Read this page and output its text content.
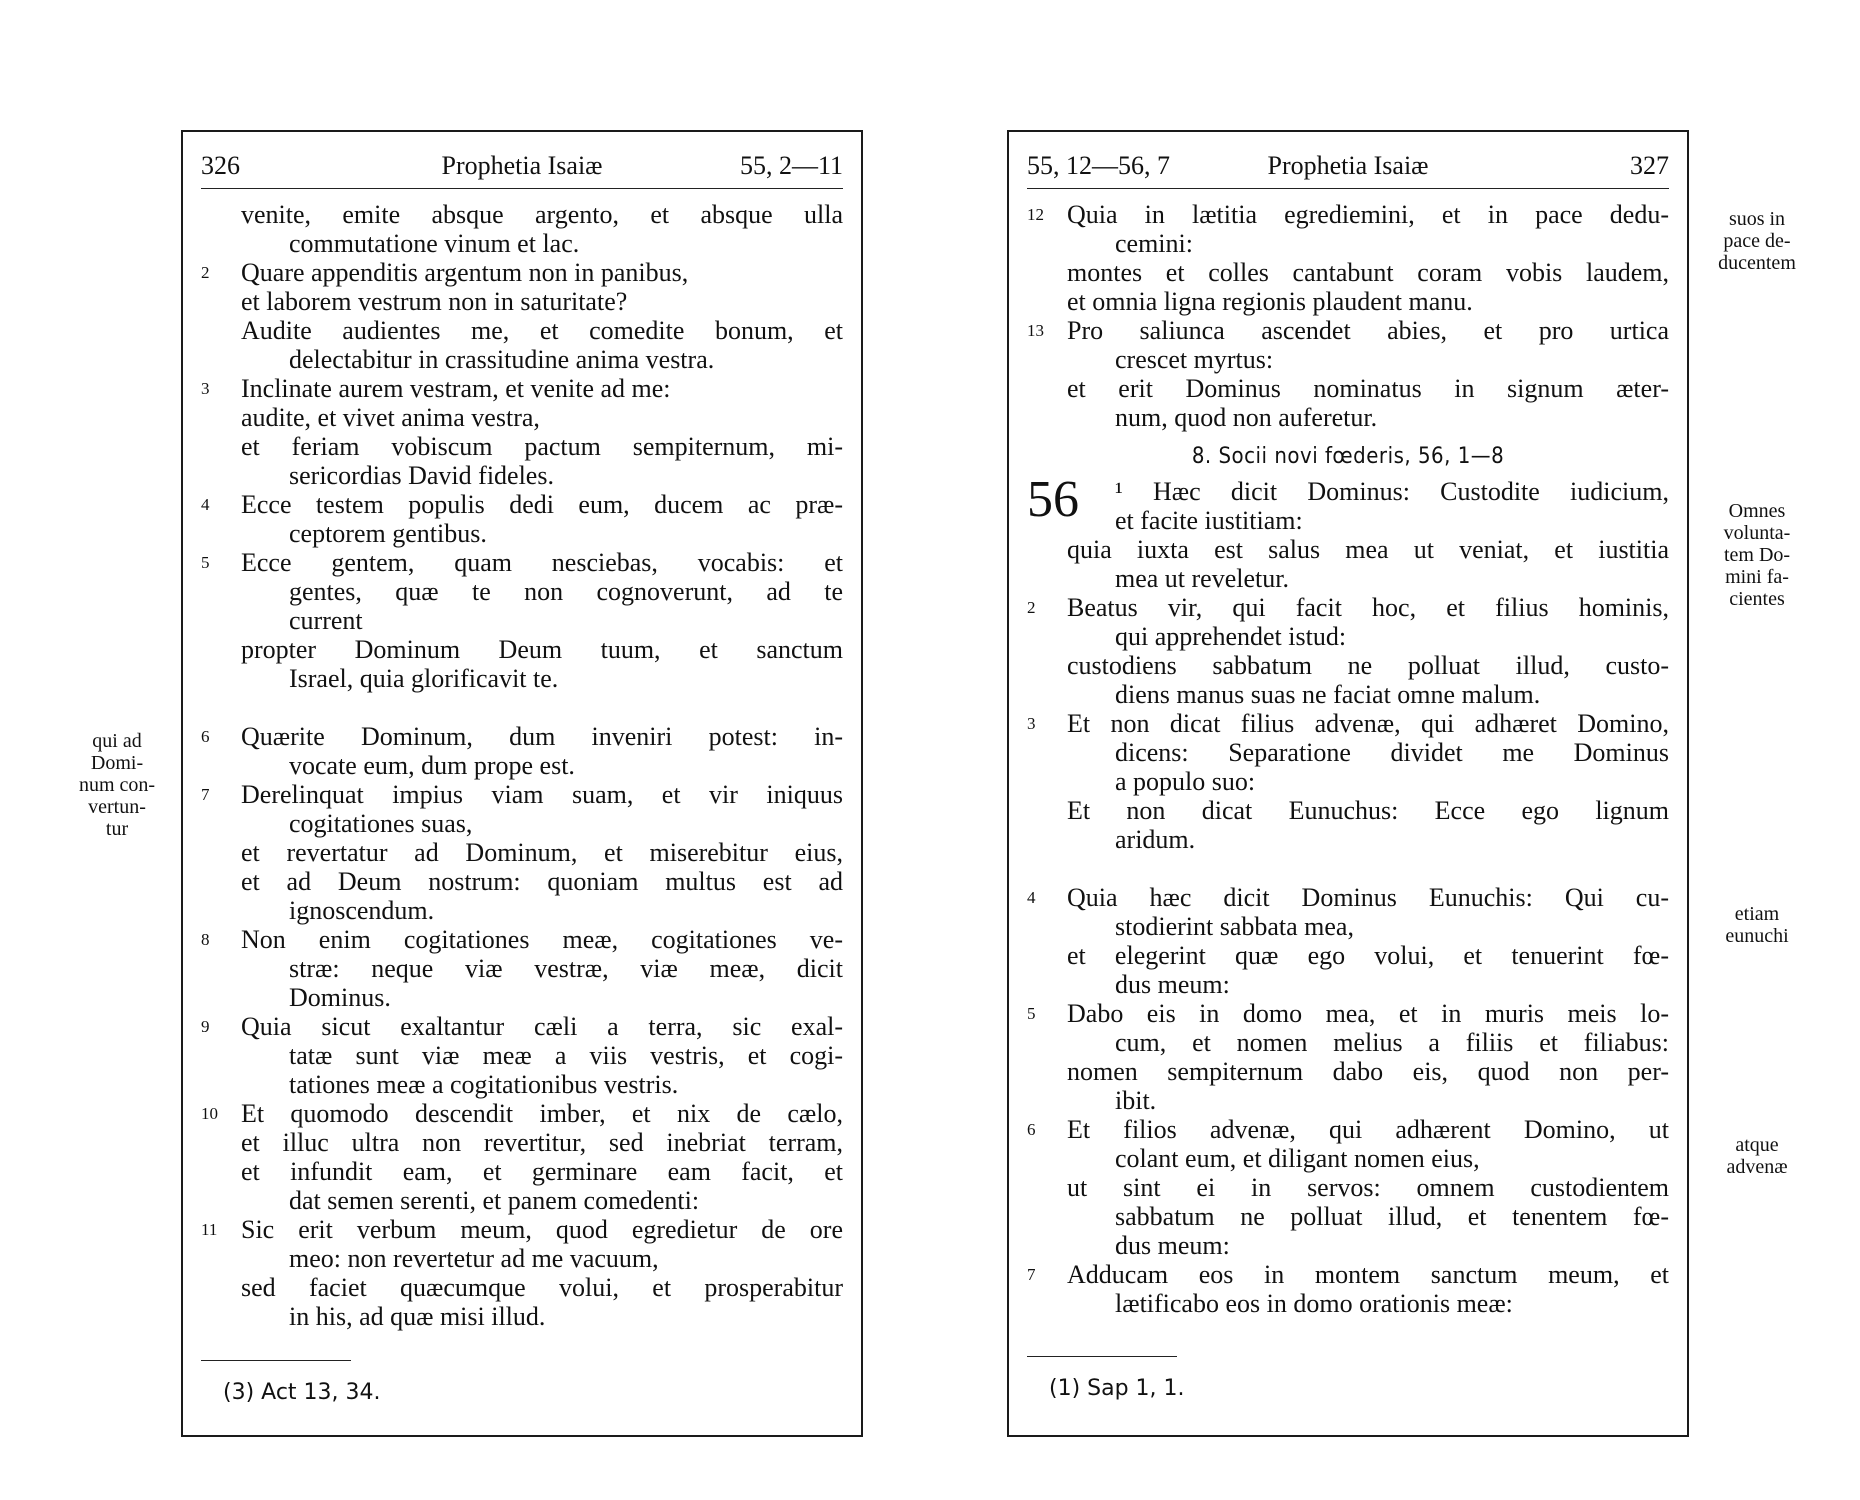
326	Prophetia Isaiæ	55, 2—11
venite, emite absque argento, et absque ulla
commutatione vinum et lac.
2	Quare appenditis argentum non in panibus,
et laborem vestrum non in saturitate?
Audite audientes me, et comedite bonum, et
delectabitur in crassitudine anima vestra.
3	Inclinate aurem vestram, et venite ad me:
audite, et vivet anima vestra,
et feriam vobiscum pactum sempiternum, mi-
sericordias David fideles.
4	Ecce testem populis dedi eum, ducem ac præ-
ceptorem gentibus.
5	Ecce gentem, quam nesciebas, vocabis: et
gentes, quæ te non cognoverunt, ad te
current
propter Dominum Deum tuum, et sanctum
Israel, quia glorificavit te.
6	Quærite Dominum, dum inveniri potest: in-
vocate eum, dum prope est.
7	Derelinquat impius viam suam, et vir iniquus
cogitationes suas,
et revertatur ad Dominum, et miserebitur eius,
et ad Deum nostrum: quoniam multus est ad
ignoscendum.
8	Non enim cogitationes meæ, cogitationes ve-
stræ: neque viæ vestræ, viæ meæ, dicit
Dominus.
9	Quia sicut exaltantur cæli a terra, sic exal-
tatæ sunt viæ meæ a viis vestris, et cogi-
tationes meæ a cogitationibus vestris.
10 Et quomodo descendit imber, et nix de cælo,
et illuc ultra non revertitur, sed inebriat terram,
et infundit eam, et germinare eam facit, et
dat semen serenti, et panem comedenti:
11 Sic erit verbum meum, quod egredietur de ore
meo: non revertetur ad me vacuum,
sed faciet quæcumque volui, et prosperabitur
in his, ad quæ misi illud.
(3) Act 13, 34.
55, 12—56, 7	Prophetia Isaiæ	327
12 Quia in lætitia egrediemini, et in pace dedu-
cemini:
montes et colles cantabunt coram vobis laudem,
et omnia ligna regionis plaudent manu.
13 Pro saliunca ascendet abies, et pro urtica
crescet myrtus:
et erit Dominus nominatus in signum æter-
num, quod non auferetur.
8. Socii novi fœderis, 56, 1—8
56	¹ Hæc dicit Dominus: Custodite iudicium,
et facite iustitiam:
quia iuxta est salus mea ut veniat, et iustitia
mea ut reveletur.
2	Beatus vir, qui facit hoc, et filius hominis,
qui apprehendet istud:
custodiens sabbatum ne polluat illud, custo-
diens manus suas ne faciat omne malum.
3	Et non dicat filius advenæ, qui adhæret Domino,
dicens: Separatione dividet me Dominus
a populo suo:
Et non dicat Eunuchus: Ecce ego lignum
aridum.
4	Quia hæc dicit Dominus Eunuchis: Qui cu-
stodierint sabbata mea,
et elegerint quæ ego volui, et tenuerint fœ-
dus meum:
5	Dabo eis in domo mea, et in muris meis lo-
cum, et nomen melius a filiis et filiabus:
nomen sempiternum dabo eis, quod non per-
ibit.
6	Et filios advenæ, qui adhærent Domino, ut
colant eum, et diligant nomen eius,
ut sint ei in servos: omnem custodientem
sabbatum ne polluat illud, et tenentem fœ-
dus meum:
7	Adducam eos in montem sanctum meum, et
lætificabo eos in domo orationis meæ:
(1) Sap 1, 1.
qui ad
Domi-
num con-
vertun-
tur
suos in
pace de-
ducentem
Omnes
volunta-
tem Do-
mini fa-
cientes
etiam
eunuchi
atque
advenæ
